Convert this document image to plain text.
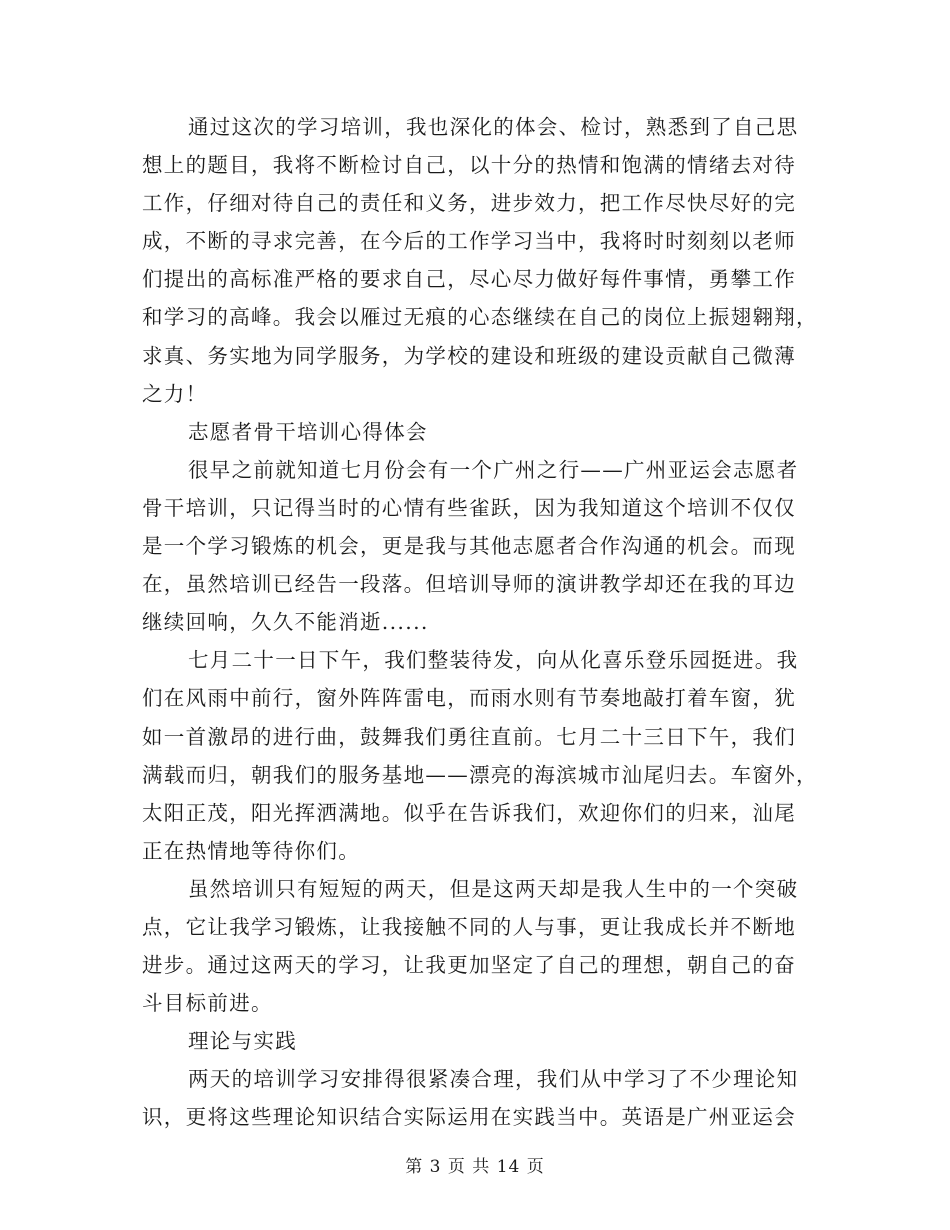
通过这次的学习培训，我也深化的体会、检讨，熟悉到了自己思
想上的题目，我将不断检讨自己，以十分的热情和饱满的情绪去对待
工作，仔细对待自己的责任和义务，进步效力，把工作尽快尽好的完
成，不断的寻求完善，在今后的工作学习当中，我将时时刻刻以老师
们提出的高标准严格的要求自己，尽心尽力做好每件事情，勇攀工作
和学习的高峰。我会以雁过无痕的心态继续在自己的岗位上振翅翱翔，
求真、务实地为同学服务，为学校的建设和班级的建设贡献自己微薄
之力！
志愿者骨干培训心得体会
很早之前就知道七月份会有一个广州之行——广州亚运会志愿者
骨干培训，只记得当时的心情有些雀跃，因为我知道这个培训不仅仅
是一个学习锻炼的机会，更是我与其他志愿者合作沟通的机会。而现
在，虽然培训已经告一段落。但培训导师的演讲教学却还在我的耳边
继续回响，久久不能消逝......
七月二十一日下午，我们整装待发，向从化喜乐登乐园挺进。我
们在风雨中前行，窗外阵阵雷电，而雨水则有节奏地敲打着车窗，犹
如一首激昂的进行曲，鼓舞我们勇往直前。七月二十三日下午，我们
满载而归，朝我们的服务基地——漂亮的海滨城市汕尾归去。车窗外，
太阳正茂，阳光挥洒满地。似乎在告诉我们，欢迎你们的归来，汕尾
正在热情地等待你们。
虽然培训只有短短的两天，但是这两天却是我人生中的一个突破
点，它让我学习锻炼，让我接触不同的人与事，更让我成长并不断地
进步。通过这两天的学习，让我更加坚定了自己的理想，朝自己的奋
斗目标前进。
理论与实践
两天的培训学习安排得很紧凑合理，我们从中学习了不少理论知
识，更将这些理论知识结合实际运用在实践当中。英语是广州亚运会
第 3 页 共 14 页
